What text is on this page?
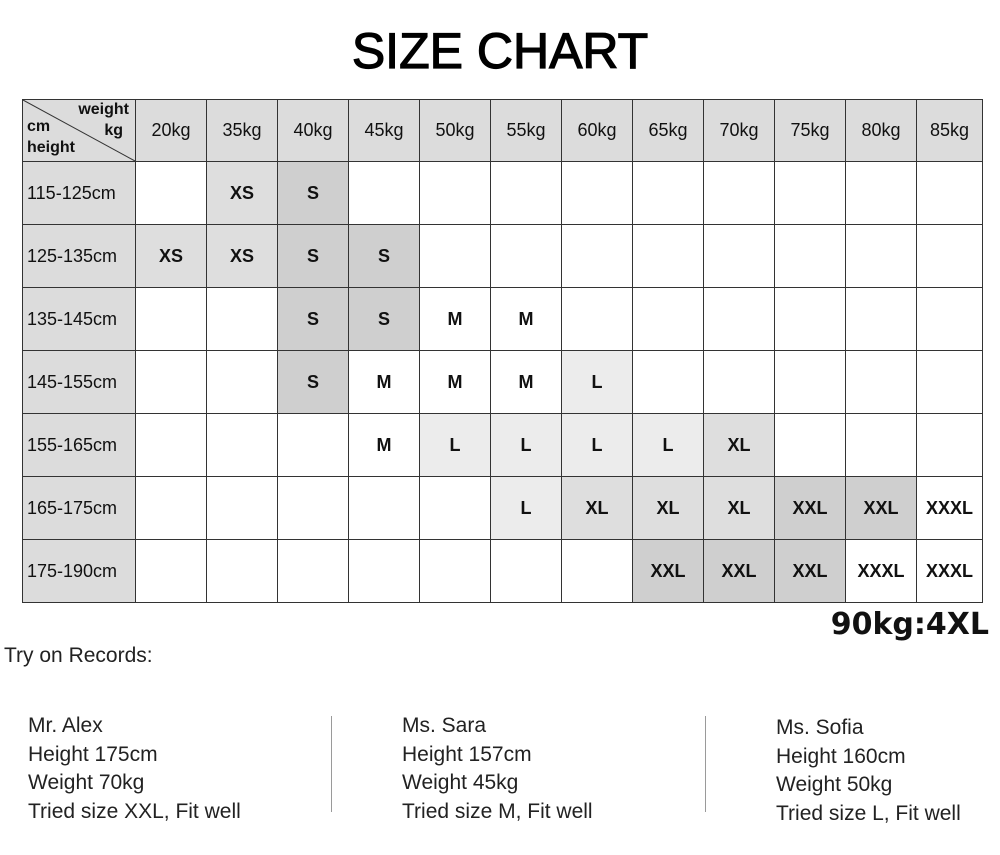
SIZE CHART
weight
kg
cm
height	20kg	35kg	40kg	45kg	50kg	55kg	60kg	65kg	70kg	75kg	80kg	85kg
115-125cm		XS	S									
125-135cm	XS	XS	S	S								
135-145cm			S	S	M	M						
145-155cm			S	M	M	M	L					
155-165cm				M	L	L	L	L	XL			
165-175cm						L	XL	XL	XL	XXL	XXL	XXXL
175-190cm								XXL	XXL	XXL	XXXL	XXXL
90kg:4XL
Try on Records:
Mr. Alex
Height 175cm
Weight 70kg
Tried size XXL, Fit well
Ms. Sara
Height 157cm
Weight 45kg
Tried size M, Fit well
Ms. Sofia
Height 160cm
Weight 50kg
Tried size L, Fit well
